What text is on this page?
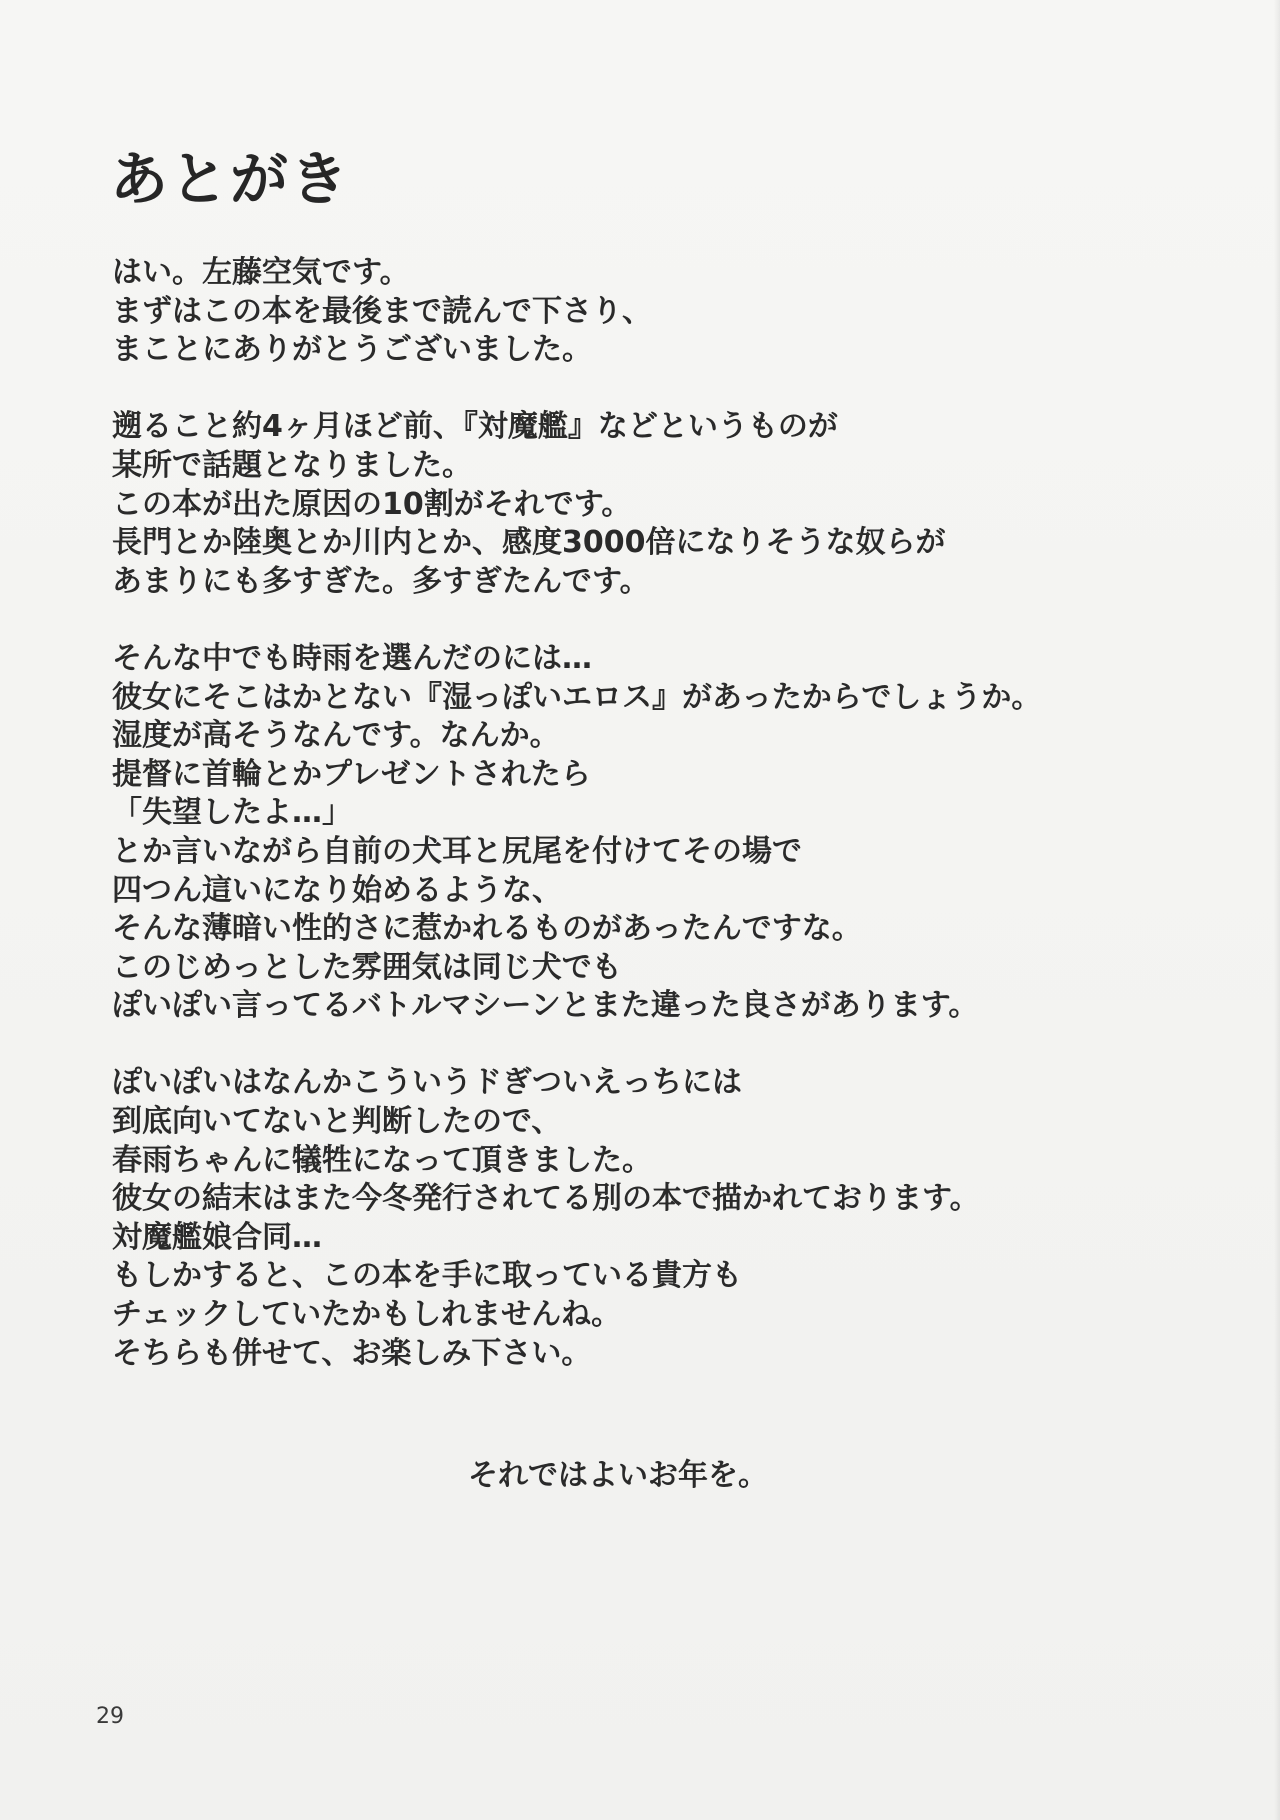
あとがき
はい。左藤空気です。
まずはこの本を最後まで読んで下さり、
まことにありがとうございました。
遡ること約4ヶ月ほど前、『対魔艦』などというものが
某所で話題となりました。
この本が出た原因の10割がそれです。
長門とか陸奥とか川内とか、感度3000倍になりそうな奴らが
あまりにも多すぎた。多すぎたんです。
そんな中でも時雨を選んだのには…
彼女にそこはかとない『湿っぽいエロス』があったからでしょうか。
湿度が高そうなんです。なんか。
提督に首輪とかプレゼントされたら
「失望したよ…」
とか言いながら自前の犬耳と尻尾を付けてその場で
四つん這いになり始めるような、
そんな薄暗い性的さに惹かれるものがあったんですな。
このじめっとした雰囲気は同じ犬でも
ぽいぽい言ってるバトルマシーンとまた違った良さがあります。
ぽいぽいはなんかこういうドぎついえっちには
到底向いてないと判断したので、
春雨ちゃんに犠牲になって頂きました。
彼女の結末はまた今冬発行されてる別の本で描かれております。
対魔艦娘合同…
もしかすると、この本を手に取っている貴方も
チェックしていたかもしれませんね。
そちらも併せて、お楽しみ下さい。
それではよいお年を。
29
